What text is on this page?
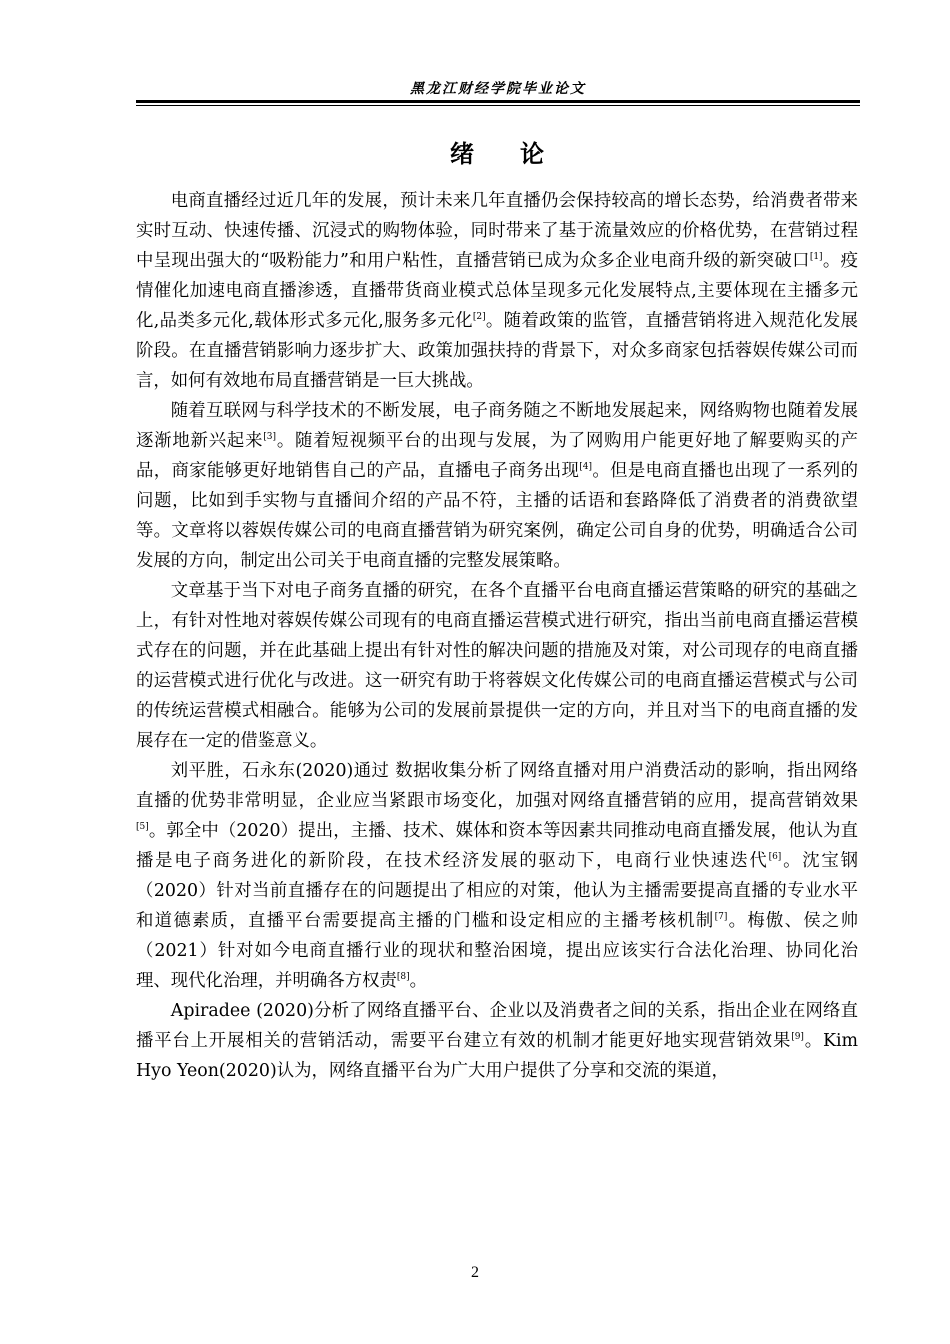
黑龙江财经学院毕业论文
绪 论

电商直播经过近几年的发展，预计未来几年直播仍会保持较高的增长态势，给消费者带来实时互动、快速传播、沉浸式的购物体验，同时带来了基于流量效应的价格优势，在营销过程中呈现出强大的“吸粉能力”和用户粘性，直播营销已成为众多企业电商升级的新突破口[1]。疫情催化加速电商直播渗透，直播带货商业模式总体呈现多元化发展特点,主要体现在主播多元化,品类多元化,载体形式多元化,服务多元化[2]。随着政策的监管，直播营销将进入规范化发展阶段。在直播营销影响力逐步扩大、政策加强扶持的背景下，对众多商家包括蓉娱传媒公司而言，如何有效地布局直播营销是一巨大挑战。

随着互联网与科学技术的不断发展，电子商务随之不断地发展起来，网络购物也随着发展逐渐地新兴起来[3]。随着短视频平台的出现与发展，为了网购用户能更好地了解要购买的产品，商家能够更好地销售自己的产品，直播电子商务出现[4]。但是电商直播也出现了一系列的问题，比如到手实物与直播间介绍的产品不符，主播的话语和套路降低了消费者的消费欲望等。文章将以蓉娱传媒公司的电商直播营销为研究案例，确定公司自身的优势，明确适合公司发展的方向，制定出公司关于电商直播的完整发展策略。

文章基于当下对电子商务直播的研究，在各个直播平台电商直播运营策略的研究的基础之上，有针对性地对蓉娱传媒公司现有的电商直播运营模式进行研究，指出当前电商直播运营模式存在的问题，并在此基础上提出有针对性的解决问题的措施及对策，对公司现存的电商直播的运营模式进行优化与改进。这一研究有助于将蓉娱文化传媒公司的电商直播运营模式与公司的传统运营模式相融合。能够为公司的发展前景提供一定的方向，并且对当下的电商直播的发展存在一定的借鉴意义。

刘平胜，石永东(2020)通过 数据收集分析了网络直播对用户消费活动的影响，指出网络直播的优势非常明显，企业应当紧跟市场变化，加强对网络直播营销的应用，提高营销效果[5]。郭全中（2020）提出，主播、技术、媒体和资本等因素共同推动电商直播发展，他认为直播是电子商务进化的新阶段，在技术经济发展的驱动下，电商行业快速迭代[6]。沈宝钢（2020）针对当前直播存在的问题提出了相应的对策，他认为主播需要提高直播的专业水平和道德素质，直播平台需要提高主播的门槛和设定相应的主播考核机制[7]。梅傲、侯之帅（2021）针对如今电商直播行业的现状和整治困境，提出应该实行合法化治理、协同化治理、现代化治理，并明确各方权责[8]。

Apiradee (2020)分析了网络直播平台、企业以及消费者之间的关系，指出企业在网络直播平台上开展相关的营销活动，需要平台建立有效的机制才能更好地实现营销效果[9]。Kim Hyo Yeon(2020)认为，网络直播平台为广大用户提供了分享和交流的渠道，

2
